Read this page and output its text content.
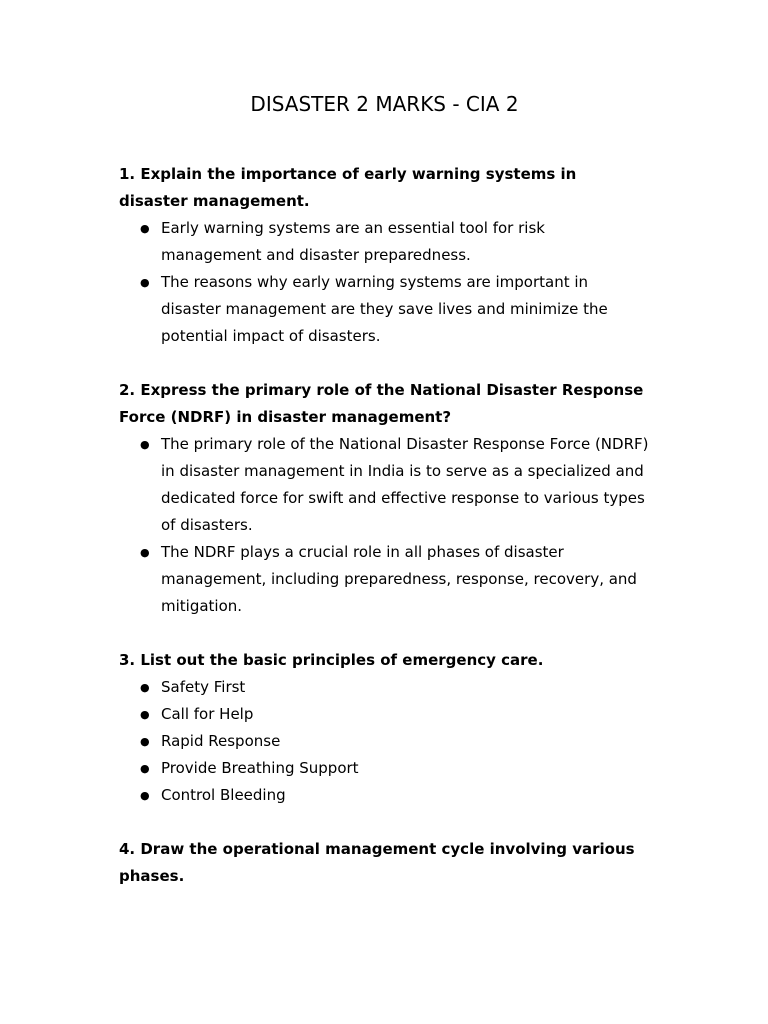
DISASTER 2 MARKS - CIA 2

1. Explain the importance of early warning systems in disaster management.

● Early warning systems are an essential tool for risk management and disaster preparedness.
● The reasons why early warning systems are important in disaster management are they save lives and minimize the potential impact of disasters.

2. Express the primary role of the National Disaster Response Force (NDRF) in disaster management?

● The primary role of the National Disaster Response Force (NDRF) in disaster management in India is to serve as a specialized and dedicated force for swift and effective response to various types of disasters.
● The NDRF plays a crucial role in all phases of disaster management, including preparedness, response, recovery, and mitigation.

3. List out the basic principles of emergency care.

● Safety First
● Call for Help
● Rapid Response
● Provide Breathing Support
● Control Bleeding

4. Draw the operational management cycle involving various phases.
